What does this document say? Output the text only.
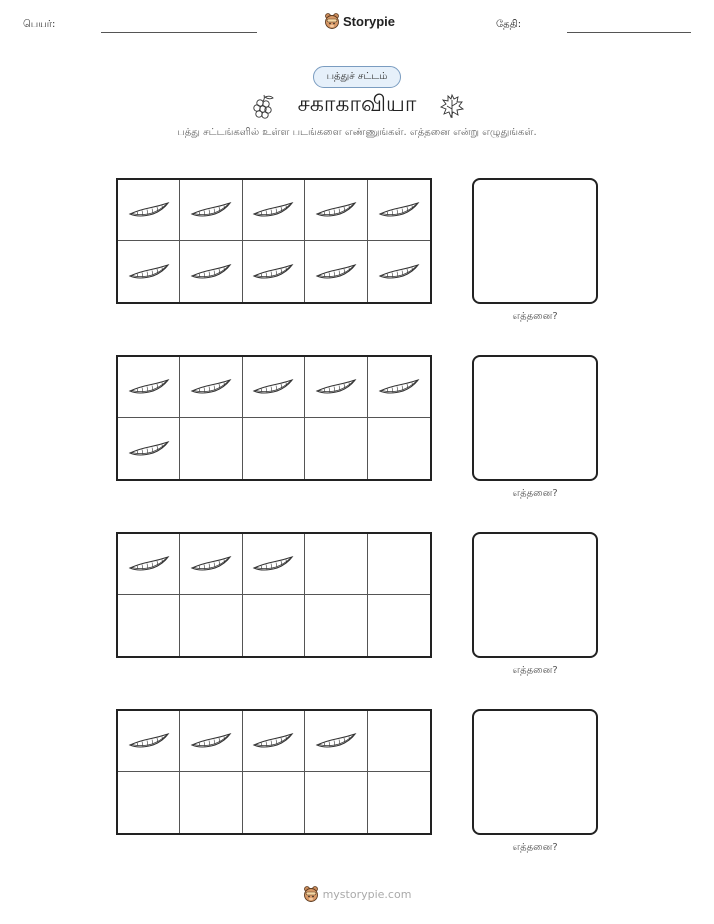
பெயர்:	Storypie	தேதி:
பத்துச் சட்டம்
சகாகாவியா
பத்து சட்டங்களில் உள்ள படங்களை எண்ணுங்கள். எத்தனை என்று எழுதுங்கள்.
எத்தனை?
எத்தனை?
எத்தனை?
எத்தனை?
mystorypie.com
